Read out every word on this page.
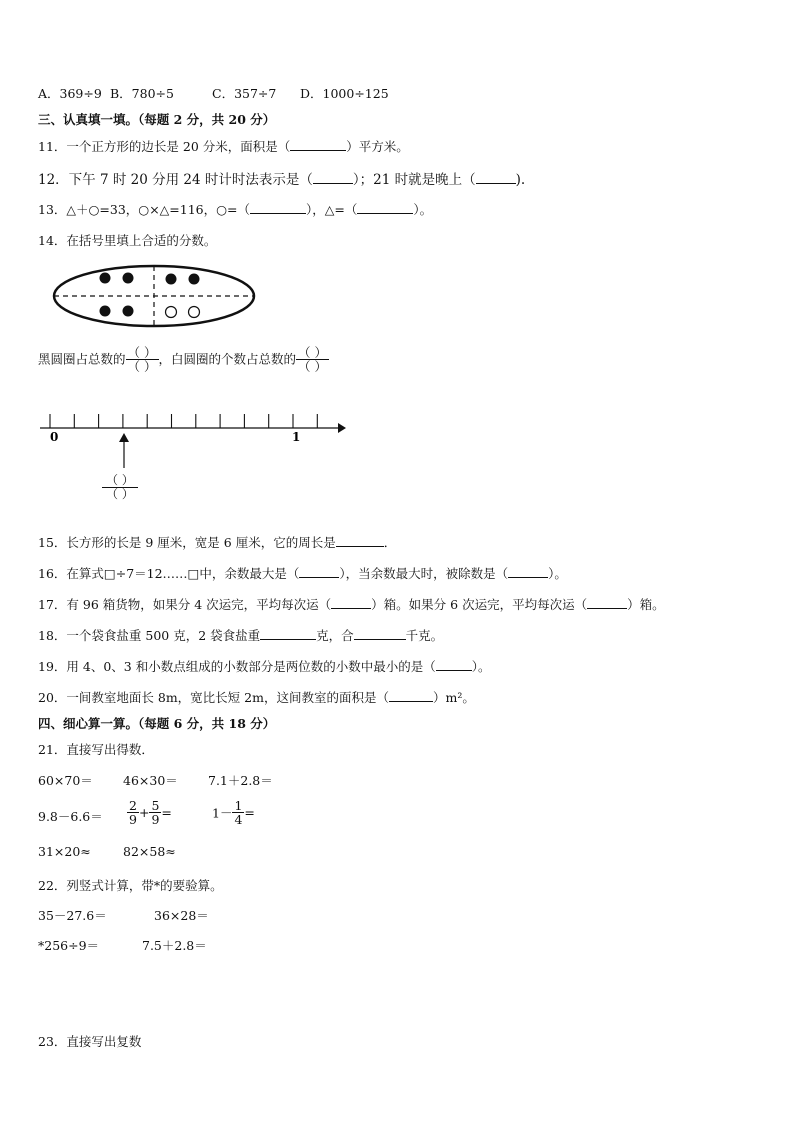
A．369÷9 B．780÷5	C．357÷7 D．1000÷125
三、认真填一填。（每题 2 分，共 20 分）
11．一个正方形的边长是 20 分米，面积是（	）平方米。
12．下午 7 时 20 分用 24 时计时法表示是（	）；21 时就是晚上（	).
13．△＋○=33，○×△=116，○=（	），△=（	）。
14．在括号里填上合适的分数。
黑圆圈占总数的 $\frac{( )}{( )}$ ，白圆圈的个数占总数的 $\frac{( )}{( )}$
0	1
（ ）
（ ）
15．长方形的长是 9 厘米，宽是 6 厘米，它的周长是	．
16．在算式□÷7＝12……□中，余数最大是（	），当余数最大时，被除数是（	）。
17．有 96 箱货物，如果分 4 次运完，平均每次运（	）箱。如果分 6 次运完，平均每次运（	）箱。
18．一个袋食盐重 500 克，2 袋食盐重	克，合	千克。
19．用 4、0、3 和小数点组成的小数部分是两位数的小数中最小的是（	）。
20．一间教室地面长 8m，宽比长短 2m，这间教室的面积是（	）m²。
四、细心算一算。（每题 6 分，共 18 分）
21．直接写出得数．
60×70＝ 46×30＝ 7.1＋2.8＝
$9.8-6.6= \frac{2}{9} + \frac{5}{9}$ =	$1- \frac{1}{4}$ =
31×20≈	82×58≈
22．列竖式计算，带*的要验算。
35－27.6＝	36×28＝
*256÷9＝	7.5＋2.8＝
23．直接写出复数
